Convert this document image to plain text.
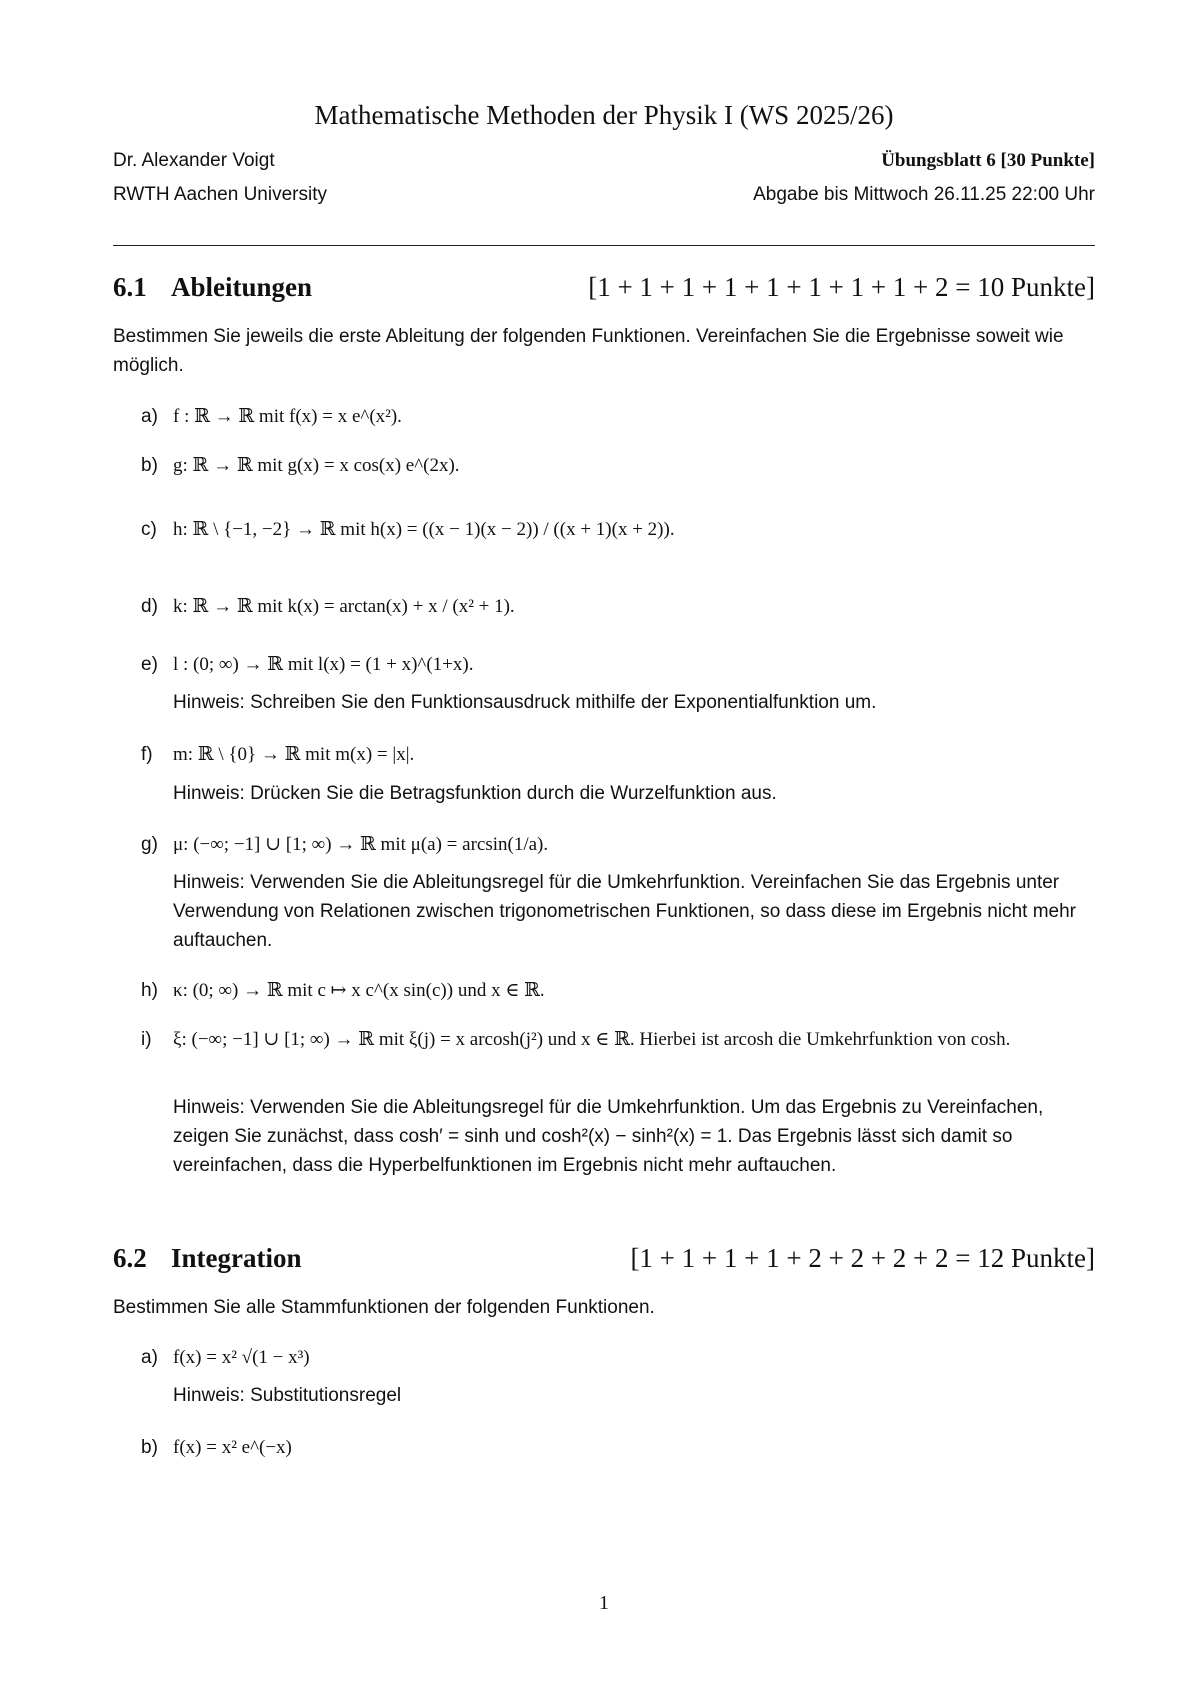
Mathematische Methoden der Physik I (WS 2025/26)
Dr. Alexander Voigt	Übungsblatt 6 [30 Punkte]
RWTH Aachen University	Abgabe bis Mittwoch 26.11.25 22:00 Uhr
6.1 Ableitungen	[1 + 1 + 1 + 1 + 1 + 1 + 1 + 1 + 2 = 10 Punkte]
Bestimmen Sie jeweils die erste Ableitung der folgenden Funktionen. Vereinfachen Sie die Ergebnisse soweit wie möglich.
a) f : ℝ → ℝ mit f(x) = x e^(x²).
b) g: ℝ → ℝ mit g(x) = x cos(x) e^(2x).
c) h: ℝ \ {−1, −2} → ℝ mit h(x) = ((x − 1)(x − 2)) / ((x + 1)(x + 2)).
d) k: ℝ → ℝ mit k(x) = arctan(x) + x / (x² + 1).
e) l : (0; ∞) → ℝ mit l(x) = (1 + x)^(1+x).
Hinweis: Schreiben Sie den Funktionsausdruck mithilfe der Exponentialfunktion um.
f)	m: ℝ \ {0} → ℝ mit m(x) = |x|.
Hinweis: Drücken Sie die Betragsfunktion durch die Wurzelfunktion aus.
g) μ: (−∞; −1] ∪ [1; ∞) → ℝ mit μ(a) = arcsin(1/a).
Hinweis: Verwenden Sie die Ableitungsregel für die Umkehrfunktion. Vereinfachen Sie das Ergebnis unter Verwendung von Relationen zwischen trigonometrischen Funktionen, so dass diese im Ergebnis nicht mehr auftauchen.
h) κ: (0; ∞) → ℝ mit c ↦ x c^(x sin(c)) und x ∈ ℝ.
i)	ξ: (−∞; −1] ∪ [1; ∞) → ℝ mit ξ(j) = x arcosh(j²) und x ∈ ℝ. Hierbei ist arcosh die Umkehrfunktion von cosh.
Hinweis: Verwenden Sie die Ableitungsregel für die Umkehrfunktion. Um das Ergebnis zu Vereinfachen, zeigen Sie zunächst, dass cosh′ = sinh und cosh²(x) − sinh²(x) = 1. Das Ergebnis lässt sich damit so vereinfachen, dass die Hyperbelfunktionen im Ergebnis nicht mehr auftauchen.
6.2 Integration	[1 + 1 + 1 + 1 + 2 + 2 + 2 + 2 = 12 Punkte]
Bestimmen Sie alle Stammfunktionen der folgenden Funktionen.
a) f(x) = x² √(1 − x³)
Hinweis: Substitutionsregel
b) f(x) = x² e^(−x)
1
